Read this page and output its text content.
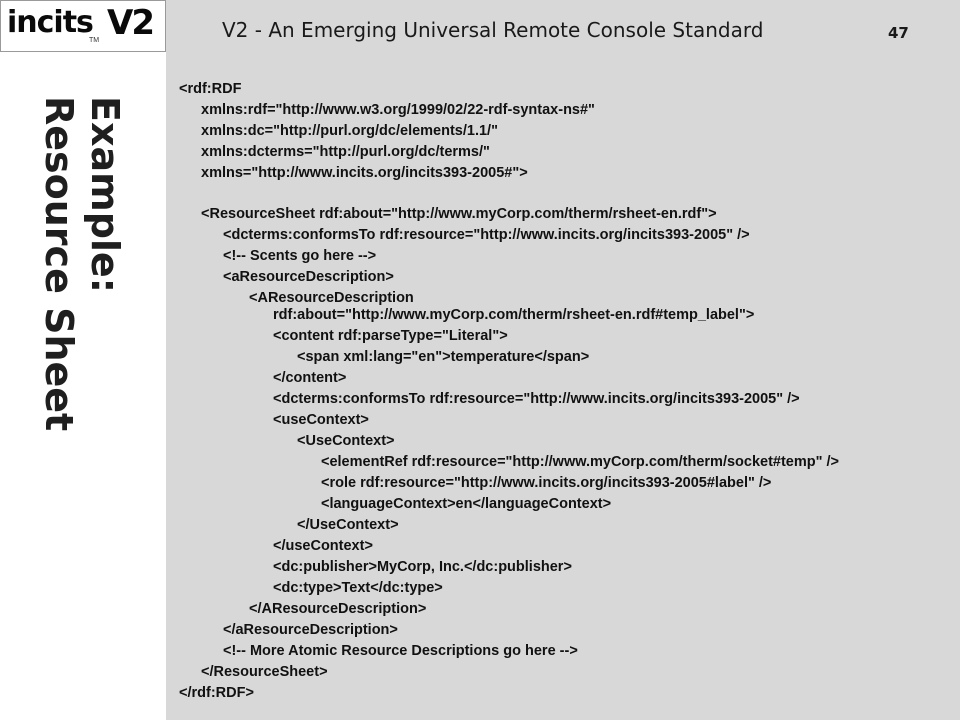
incits
TM V2	V2 - An Emerging Universal Remote Console Standard	47
Example:
Resource Sheet
<rdf:RDF
xmlns:rdf="http://www.w3.org/1999/02/22-rdf-syntax-ns#"
xmlns:dc="http://purl.org/dc/elements/1.1/"
xmlns:dcterms="http://purl.org/dc/terms/"
xmlns="http://www.incits.org/incits393-2005#">
<ResourceSheet rdf:about="http://www.myCorp.com/therm/rsheet-en.rdf">
<dcterms:conformsTo rdf:resource="http://www.incits.org/incits393-2005" />
<!-- Scents go here -->
<aResourceDescription>
<AResourceDescription
rdf:about="http://www.myCorp.com/therm/rsheet-en.rdf#temp_label">
<content rdf:parseType="Literal">
<span xml:lang="en">temperature</span>
</content>
<dcterms:conformsTo rdf:resource="http://www.incits.org/incits393-2005" />
<useContext>
<UseContext>
<elementRef rdf:resource="http://www.myCorp.com/therm/socket#temp" />
<role rdf:resource="http://www.incits.org/incits393-2005#label" />
<languageContext>en</languageContext>
</UseContext>
</useContext>
<dc:publisher>MyCorp, Inc.</dc:publisher>
<dc:type>Text</dc:type>
</AResourceDescription>
</aResourceDescription>
<!-- More Atomic Resource Descriptions go here -->
</ResourceSheet>
</rdf:RDF>
